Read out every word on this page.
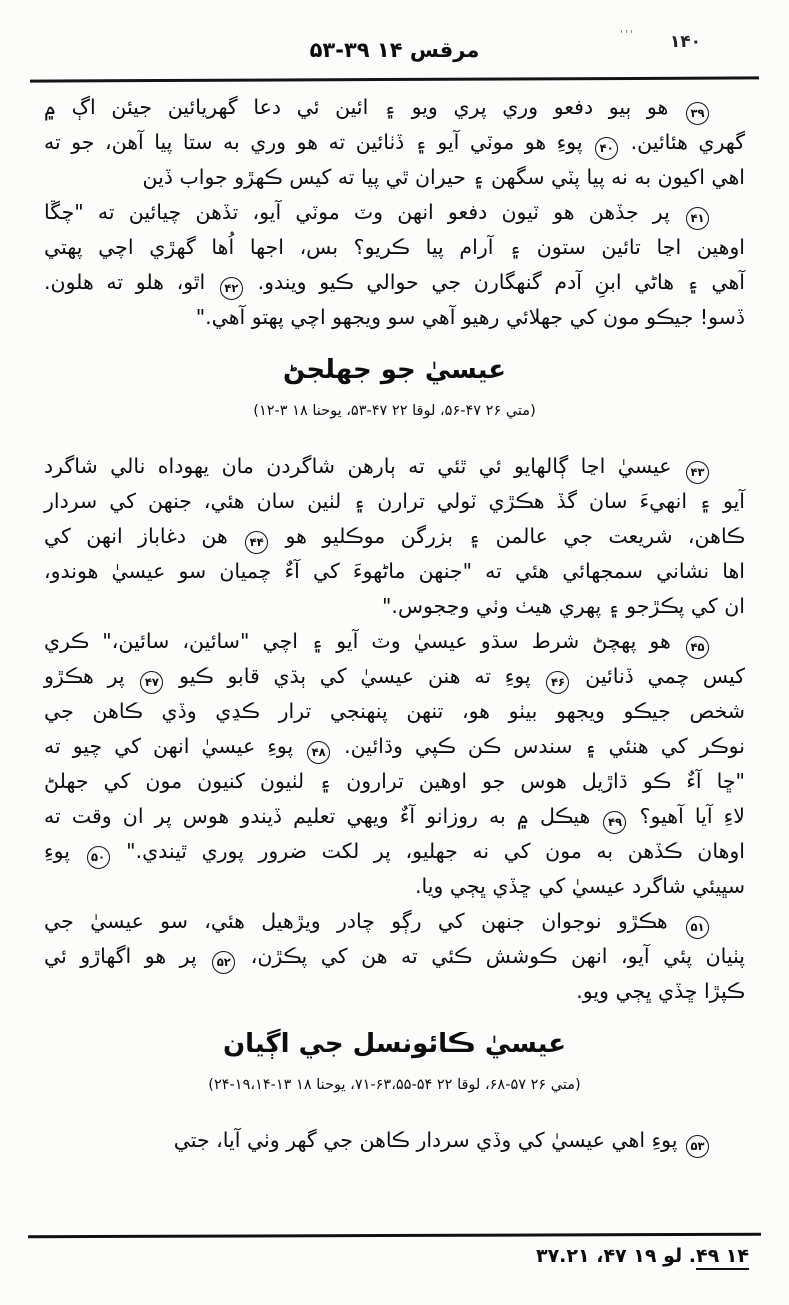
''' ۱۴۰
مرقس ۱۴ ۳۹‏-‏۵۳
۳۹ هو ٻيو دفعو وري پري ويو ۽ ائين ئي دعا گهريائين جيئن اڳ ۾
گهري هئائين. ۴۰ پوءِ هو موٽي آيو ۽ ڏٺائين ته هو وري به ستا پيا آهن، جو ته
اهي اکيون به نه پيا پٽي سگهن ۽ حيران ٿي پيا ته کيس ڪهڙو جواب ڏين
۴۱ پر جڏهن هو ٽيون دفعو انهن وٽ موٽي آيو، تڏهن چيائين ته "چڱا
اوهين اڃا تائين ستون ۽ آرام پيا ڪريو؟ بس، اجها اُها گهڙي اچي پهتي
آهي ۽ هاڻي ابنِ آدم گنهگارن جي حوالي ڪيو ويندو. ۴۲ اٿو، هلو ته هلون.
ڏسو! جيڪو مون کي جهلائي رهيو آهي سو ويجهو اچي پهتو آهي."
عيسيٰ جو جهلجڻ
(متي ۲۶ ۴۷‏-‏۵۶، لوقا ۲۲ ۴۷‏-‏۵۳، يوحنا ۱۸ ۳‏-‏۱۲)
۴۳ عيسيٰ اڃا ڳالهايو ئي ٿئي ته ٻارهن شاگردن مان يهوداه نالي شاگرد
آيو ۽ انهيءَ سان گڏ هڪڙي ٽولي ترارن ۽ لٺين سان هئي، جنهن کي سردار
ڪاهن، شريعت جي عالمن ۽ بزرگن موڪليو هو ۴۴ هن دغاباز انهن کي
اها نشاني سمجهائي هئي ته "جنهن ماڻهوءَ کي آءٌ چميان سو عيسيٰ هوندو،
ان کي پڪڙجو ۽ پهري هيٺ وٺي وڃجوس."
۴۵ هو پهچڻ شرط سڌو عيسيٰ وٽ آيو ۽ اچي "سائين، سائين،" ڪري
کيس چمي ڏنائين ۴۶ پوءِ ته هنن عيسيٰ کي ٻڌي قابو ڪيو ۴۷ پر هڪڙو
شخص جيڪو ويجهو بيٺو هو، تنهن پنهنجي ترار ڪڍي وڏي ڪاهن جي
نوڪر کي هنئي ۽ سندس ڪن ڪپي وڌائين. ۴۸ پوءِ عيسيٰ انهن کي چيو ته
"ڇا آءٌ ڪو ڌاڙيل هوس جو اوهين ترارون ۽ لٺيون کنيون مون کي جهلڻ
لاءِ آيا آهيو؟ ۴۹ هيڪل ۾ به روزانو آءٌ ويهي تعليم ڏيندو هوس پر ان وقت ته
اوهان ڪڏهن به مون کي نه جهليو، پر لکت ضرور پوري ٿيندي." ۵۰ پوءِ
سڀيئي شاگرد عيسيٰ کي ڇڏي ڀڄي ويا.
۵۱ هڪڙو نوجوان جنهن کي رڳو چادر ويڙهيل هئي، سو عيسيٰ جي
پٺيان پئي آيو، انهن ڪوشش ڪئي ته هن کي پڪڙن، ۵۲ پر هو اگهاڙو ئي
ڪپڙا ڇڏي ڀڄي ويو.
عيسيٰ ڪائونسل جي اڳيان
(متي ۲۶ ۵۷‏-‏۶۸، لوقا ۲۲ ۵۴‏-‏۵۵‏،‏۶۳‏-‏۷۱، يوحنا ۱۸ ۱۳‏-‏۱۴‏،‏۱۹‏-‏۲۴)
۵۳ پوءِ اهي عيسيٰ کي وڏي سردار ڪاهن جي گهر وٺي آيا، جتي
۱۴ ۴۹. لو ۱۹ ۴۷، ۲۱‏.‏۳۷
